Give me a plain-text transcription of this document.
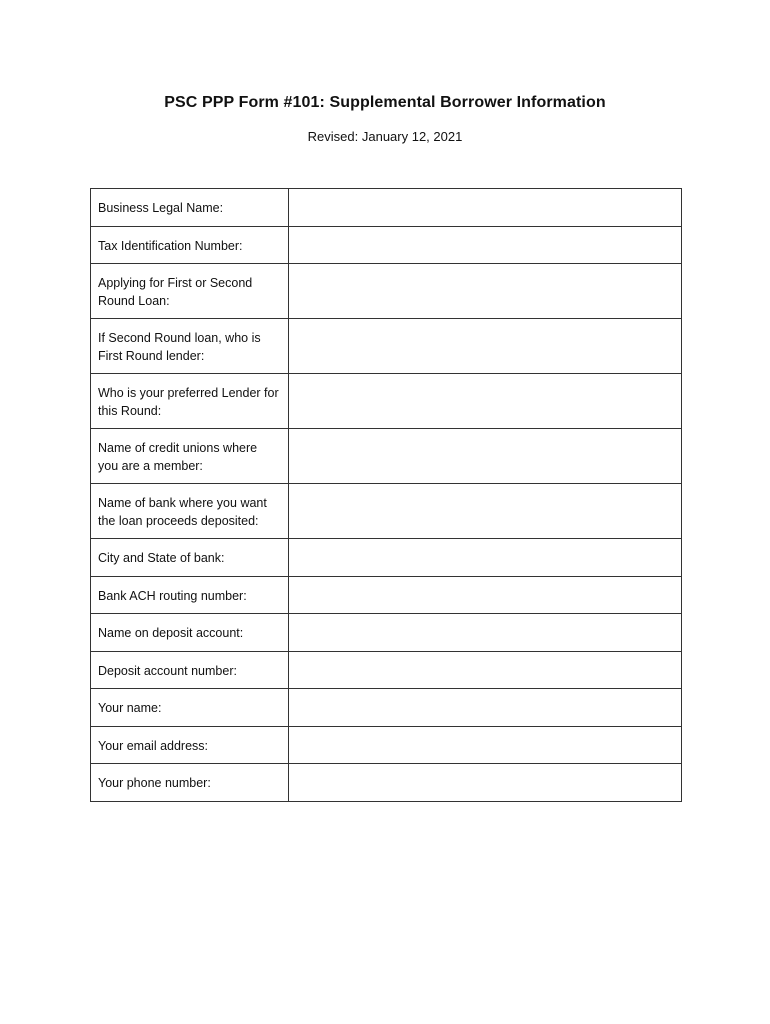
PSC PPP Form #101: Supplemental Borrower Information

Revised: January 12, 2021

Business Legal Name:	

Tax Identification Number:	

Applying for First or Second Round Loan:	

If Second Round loan, who is First Round lender:	

Who is your preferred Lender for this Round:	

Name of credit unions where you are a member:	

Name of bank where you want the loan proceeds deposited:	

City and State of bank:	

Bank ACH routing number:	

Name on deposit account:	

Deposit account number:	

Your name:	

Your email address:	

Your phone number:	
